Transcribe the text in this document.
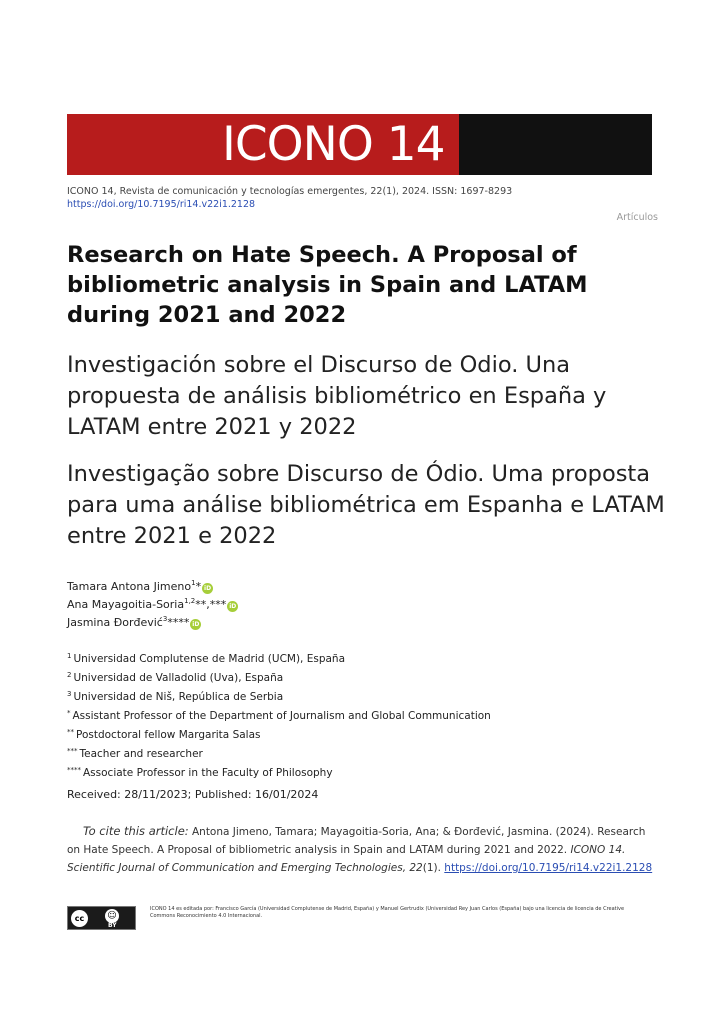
ICONO 14
ICONO 14, Revista de comunicación y tecnologías emergentes, 22(1), 2024. ISSN: 1697-8293
https://doi.org/10.7195/ri14.v22i1.2128
Artículos
Research on Hate Speech. A Proposal of bibliometric analysis in Spain and LATAM during 2021 and 2022
Investigación sobre el Discurso de Odio. Una propuesta de análisis bibliométrico en España y LATAM entre 2021 y 2022
Investigação sobre Discurso de Ódio. Uma proposta para uma análise bibliométrica em Espanha e LATAM entre 2021 e 2022
Tamara Antona Jimeno$^1$* iD
Ana Mayagoitia-Soria$^{1,2}$**,*** iD
Jasmina Đorđević$^3$**** iD
$^1$ Universidad Complutense de Madrid (UCM), España
$^2$ Universidad de Valladolid (Uva), España
$^3$ Universidad de Niš, República de Serbia
* Assistant Professor of the Department of Journalism and Global Communication
** Postdoctoral fellow Margarita Salas
*** Teacher and researcher
**** Associate Professor in the Faculty of Philosophy
Received: 28/11/2023; Published: 16/01/2024
To cite this article: Antona Jimeno, Tamara; Mayagoitia-Soria, Ana; & Đorđević, Jasmina. (2024). Research on Hate Speech. A Proposal of bibliometric analysis in Spain and LATAM during 2021 and 2022. ICONO 14. Scientific Journal of Communication and Emerging Technologies, 22(1). https://doi.org/10.7195/ri14.v22i1.2128
cc	☺
BY
ICONO 14 es editada por: Francisco García (Universidad Complutense de Madrid, España) y Manuel Gertrudix (Universidad Rey Juan Carlos (España) bajo una licencia de licencia de Creative Commons Reconocimiento 4.0 Internacional.
